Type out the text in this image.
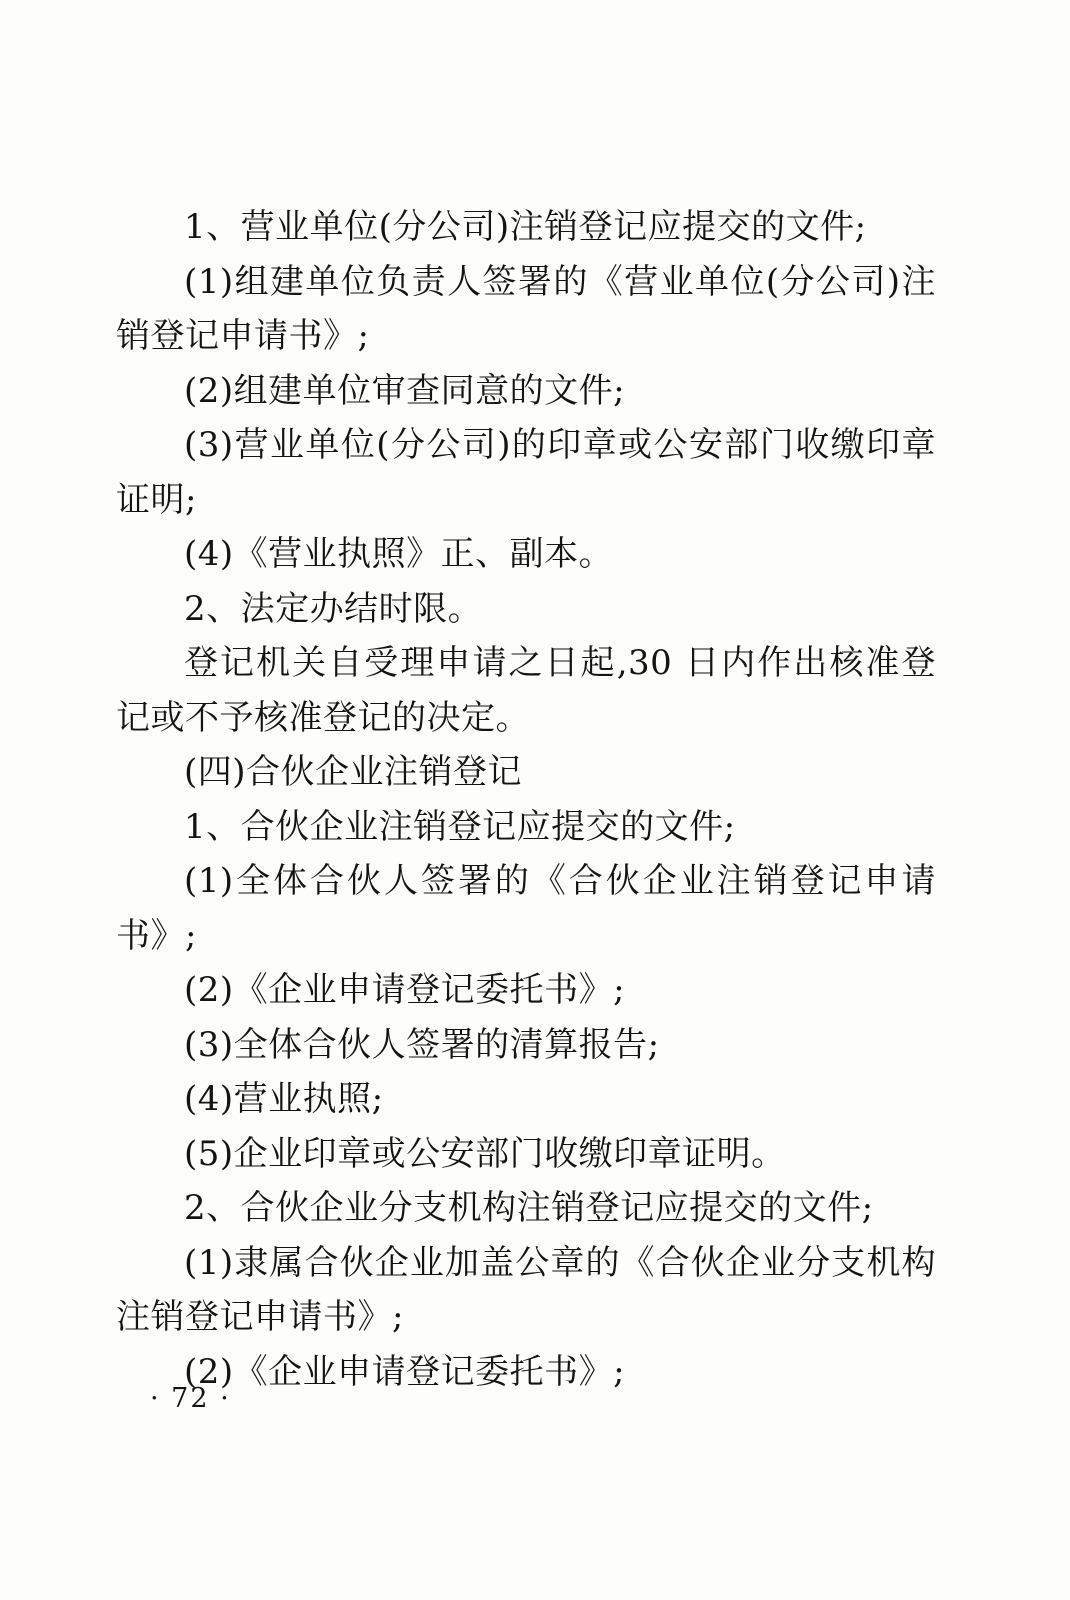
1、营业单位(分公司)注销登记应提交的文件;

(1)组建单位负责人签署的《营业单位(分公司)注销登记申请书》;

(2)组建单位审查同意的文件;

(3)营业单位(分公司)的印章或公安部门收缴印章证明;

(4)《营业执照》正、副本。

2、法定办结时限。

登记机关自受理申请之日起,30 日内作出核准登记或不予核准登记的决定。

(四)合伙企业注销登记

1、合伙企业注销登记应提交的文件;

(1)全体合伙人签署的《合伙企业注销登记申请书》;

(2)《企业申请登记委托书》;

(3)全体合伙人签署的清算报告;

(4)营业执照;

(5)企业印章或公安部门收缴印章证明。

2、合伙企业分支机构注销登记应提交的文件;

(1)隶属合伙企业加盖公章的《合伙企业分支机构注销登记申请书》;

(2)《企业申请登记委托书》;

· 72 ·
